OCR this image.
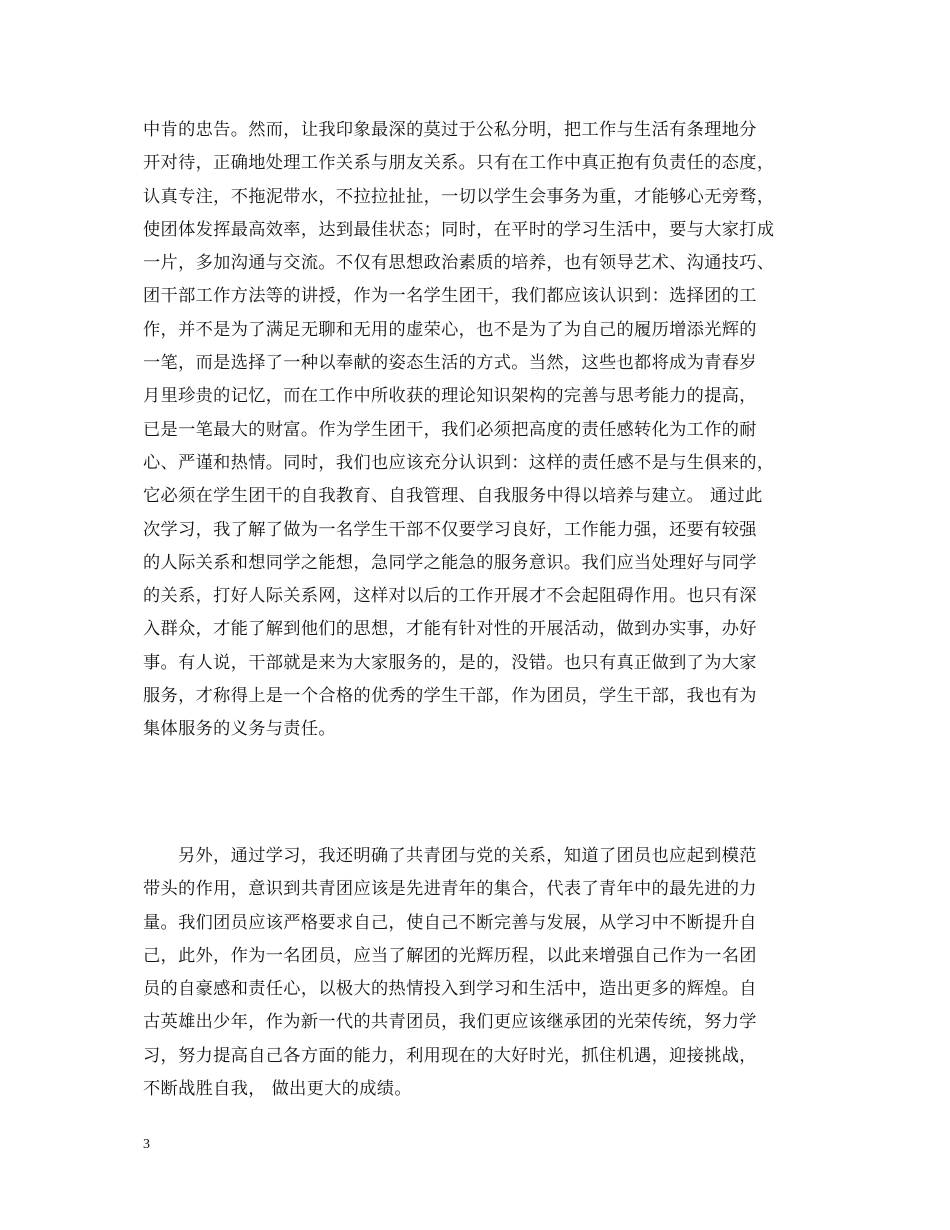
中肯的忠告。然而，让我印象最深的莫过于公私分明，把工作与生活有条理地分
开对待，正确地处理工作关系与朋友关系。只有在工作中真正抱有负责任的态度，
认真专注，不拖泥带水，不拉拉扯扯，一切以学生会事务为重，才能够心无旁骛，
使团体发挥最高效率，达到最佳状态；同时，在平时的学习生活中，要与大家打成
一片，多加沟通与交流。不仅有思想政治素质的培养，也有领导艺术、沟通技巧、
团干部工作方法等的讲授，作为一名学生团干，我们都应该认识到：选择团的工
作，并不是为了满足无聊和无用的虚荣心，也不是为了为自己的履历增添光辉的
一笔，而是选择了一种以奉献的姿态生活的方式。当然，这些也都将成为青春岁
月里珍贵的记忆，而在工作中所收获的理论知识架构的完善与思考能力的提高，
已是一笔最大的财富。作为学生团干，我们必须把高度的责任感转化为工作的耐
心、严谨和热情。同时，我们也应该充分认识到：这样的责任感不是与生俱来的，
它必须在学生团干的自我教育、自我管理、自我服务中得以培养与建立。 通过此
次学习，我了解了做为一名学生干部不仅要学习良好，工作能力强，还要有较强
的人际关系和想同学之能想，急同学之能急的服务意识。我们应当处理好与同学
的关系，打好人际关系网，这样对以后的工作开展才不会起阻碍作用。也只有深
入群众，才能了解到他们的思想，才能有针对性的开展活动，做到办实事，办好
事。有人说，干部就是来为大家服务的，是的，没错。也只有真正做到了为大家
服务，才称得上是一个合格的优秀的学生干部，作为团员，学生干部，我也有为
集体服务的义务与责任。
另外，通过学习，我还明确了共青团与党的关系，知道了团员也应起到模范
带头的作用，意识到共青团应该是先进青年的集合，代表了青年中的最先进的力
量。我们团员应该严格要求自己，使自己不断完善与发展，从学习中不断提升自
己，此外，作为一名团员，应当了解团的光辉历程，以此来增强自己作为一名团
员的自豪感和责任心，以极大的热情投入到学习和生活中，造出更多的辉煌。自
古英雄出少年，作为新一代的共青团员，我们更应该继承团的光荣传统，努力学
习，努力提高自己各方面的能力，利用现在的大好时光，抓住机遇，迎接挑战，
不断战胜自我， 做出更大的成绩。
3
